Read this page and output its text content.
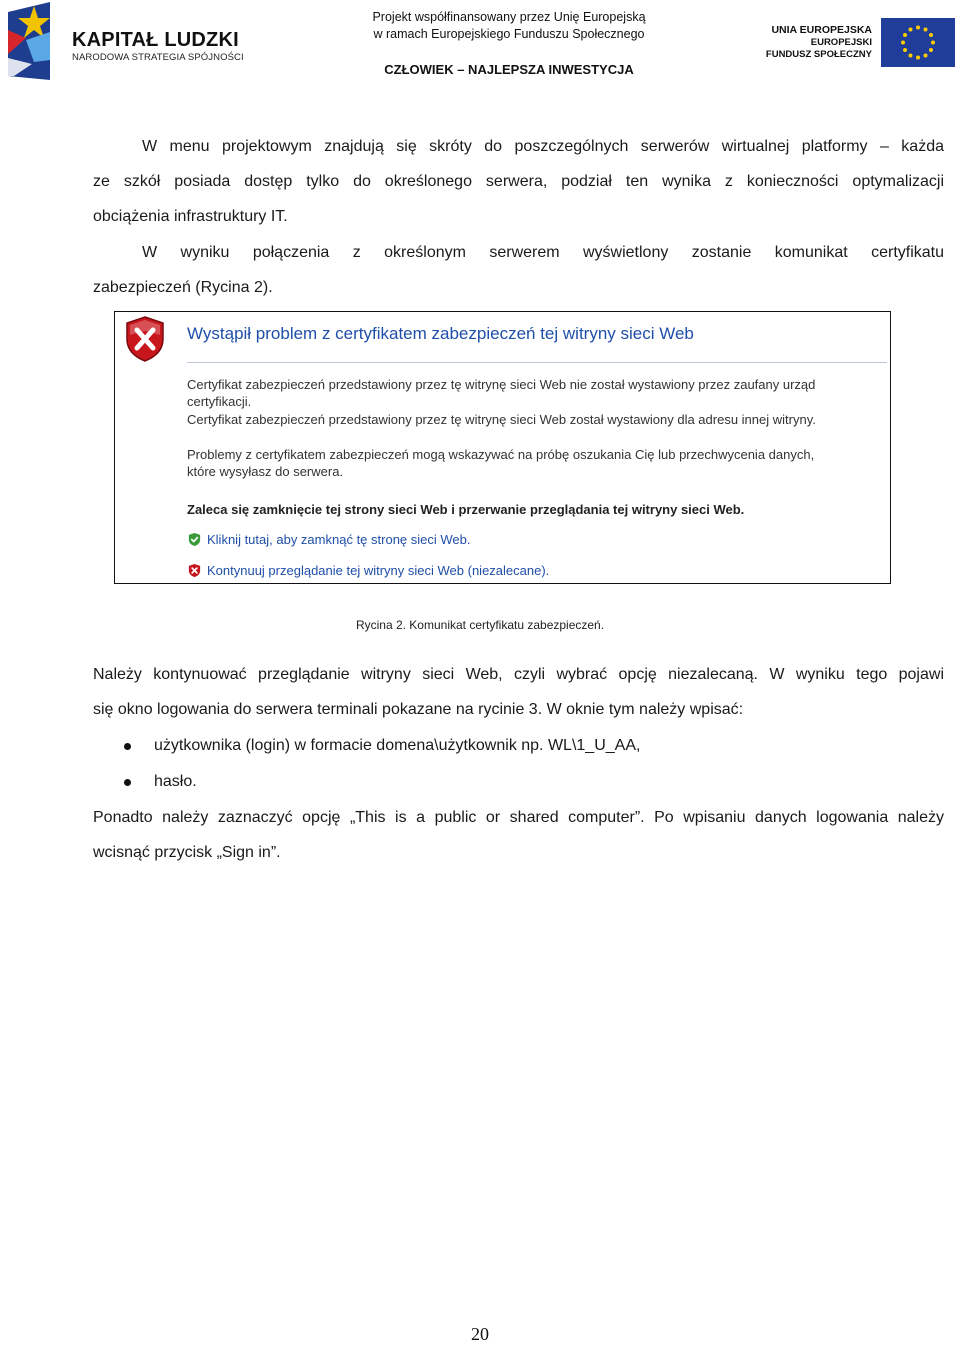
KAPITAŁ LUDZKI
NARODOWA STRATEGIA SPÓJNOŚCI
Projekt współfinansowany przez Unię Europejską
w ramach Europejskiego Funduszu Społecznego
CZŁOWIEK – NAJLEPSZA INWESTYCJA
UNIA EUROPEJSKA
EUROPEJSKI
FUNDUSZ SPOŁECZNY
W menu projektowym znajdują się skróty do poszczególnych serwerów wirtualnej platformy – każda
ze szkół posiada dostęp tylko do określonego serwera, podział ten wynika z konieczności optymalizacji
obciążenia infrastruktury IT.
W wyniku połączenia z określonym serwerem wyświetlony zostanie komunikat certyfikatu
zabezpieczeń (Rycina 2).
Wystąpił problem z certyfikatem zabezpieczeń tej witryny sieci Web
Certyfikat zabezpieczeń przedstawiony przez tę witrynę sieci Web nie został wystawiony przez zaufany urząd
certyfikacji.
Certyfikat zabezpieczeń przedstawiony przez tę witrynę sieci Web został wystawiony dla adresu innej witryny.
Problemy z certyfikatem zabezpieczeń mogą wskazywać na próbę oszukania Cię lub przechwycenia danych,
które wysyłasz do serwera.
Zaleca się zamknięcie tej strony sieci Web i przerwanie przeglądania tej witryny sieci Web.
Kliknij tutaj, aby zamknąć tę stronę sieci Web.
Kontynuuj przeglądanie tej witryny sieci Web (niezalecane).
Rycina 2. Komunikat certyfikatu zabezpieczeń.
Należy kontynuować przeglądanie witryny sieci Web, czyli wybrać opcję niezalecaną. W wyniku tego pojawi
się okno logowania do serwera terminali pokazane na rycinie 3. W oknie tym należy wpisać:
użytkownika (login) w formacie domena\użytkownik np. WL\1_U_AA,
hasło.
Ponadto należy zaznaczyć opcję „This is a public or shared computer”. Po wpisaniu danych logowania należy
wcisnąć przycisk „Sign in”.
20
